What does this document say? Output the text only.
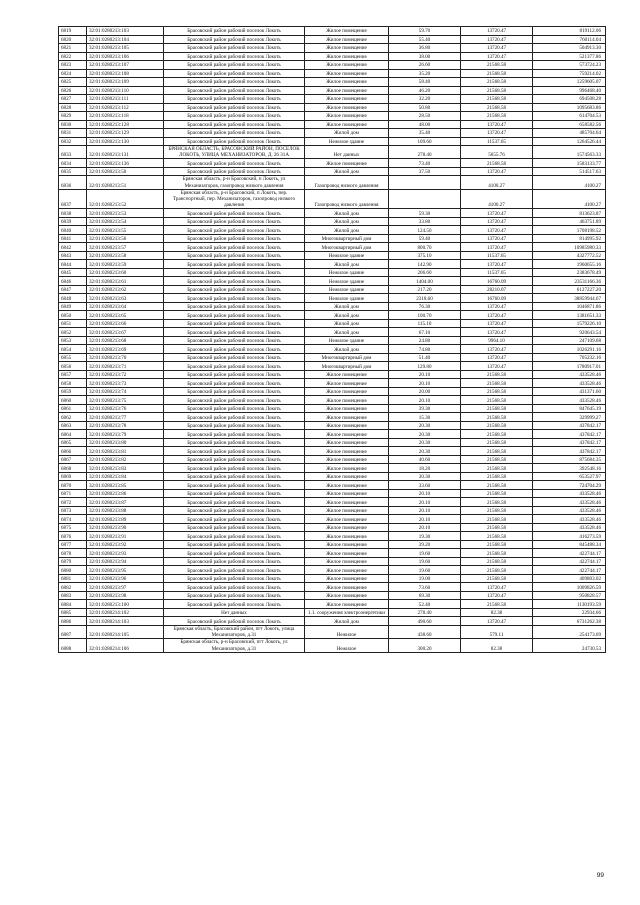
6819	32:01:0280213:103	Брасовский район рабочий поселок Локоть	Жилое помещение	59.70	13720.47	819112.06
6820	32:01:0280213:104	Брасовский район рабочий поселок Локоть	Жилое помещение	55.40	13720.47	760114.04
6821	32:01:0280213:105	Брасовский район рабочий поселок Локоть	Жилое помещение	36.80	13720.47	504913.30
6822	32:01:0280213:106	Брасовский район рабочий поселок Локоть	Жилое помещение	38.00	13720.47	521377.86
6823	32:01:0280213:107	Брасовский район рабочий поселок Локоть	Жилое помещение	26.60	21568.58	573724.23
6824	32:01:0280213:108	Брасовский район рабочий поселок Локоть	Жилое помещение	35.20	21568.58	759214.02
6825	32:01:0280213:109	Брасовский район рабочий поселок Локоть	Жилое помещение	58.40	21568.58	1259605.07
6826	32:01:0280213:110	Брасовский район рабочий поселок Локоть	Жилое помещение	46.20	21568.58	996468.40
6827	32:01:0280213:111	Брасовский район рабочий поселок Локоть	Жилое помещение	32.20	21568.58	694508.28
6828	32:01:0280213:112	Брасовский район рабочий поселок Локоть	Жилое помещение	50.80	21568.58	1095683.86
6829	32:01:0280213:118	Брасовский район рабочий поселок Локоть	Жилое помещение	28.50	21568.58	614704.53
6830	32:01:0280213:128	Брасовский район рабочий поселок Локоть	Жилое помещение	48.00	13720.47	658582.56
6831	32:01:0280213:129	Брасовский район рабочий поселок Локоть	Жилой дом	35.40	13720.47	485704.64
6832	32:01:0280213:130	Брасовский район рабочий поселок Локоть	Нежилое здание	109.60	11537.65	1264526.44
6833	32:01:0280213:131	БРЯНСКАЯ ОБЛАСТЬ, БРАСОВСКИЙ РАЙОН, ПОСЕЛОК ЛОКОТЬ, УЛИЦА МЕХАНИЗАТОРОВ, Д. 26 31А	Нет данных	278.40	5655.76	1574563.33
6834	32:01:0280213:136	Брасовский район рабочий поселок Локоть	Жилое помещение	73.40	21568.58	1583133.77
6835	32:01:0280213:50	Брасовский район рабочий поселок Локоть	Жилой дом	37.50	13720.47	514517.63
6836	32:01:0280213:51	Брянская область, р-н Брасовский, п Локоть, ул Механизаторов, газопровод низкого давления	Газопровод низкого давления		4100.27	4100.27
6837	32:01:0280213:52	Брянская область, р-н Брасовский, п Локоть, пер. Транспортный, пер. Механизаторов, газопровод низкого давления	Газопровод низкого давления		4100.27	4100.27
6838	32:01:0280213:53	Брасовский район рабочий поселок Локоть	Жилой дом	59.30	13720.47	813623.87
6839	32:01:0280213:54	Брасовский район рабочий поселок Локоть	Жилой дом	33.80	13720.47	463751.89
6840	32:01:0280213:55	Брасовский район рабочий поселок Локоть	Жилой дом	124.50	13720.47	1708198.52
6841	32:01:0280213:56	Брасовский район рабочий поселок Локоть	Многоквартирный дом	59.40	13720.47	814995.92
6842	32:01:0280213:57	Брасовский район рабочий поселок Локоть	Многоквартирный дом	800.70	13720.47	10985980.33
6843	32:01:0280213:58	Брасовский район рабочий поселок Локоть	Нежилое здание	375.10	11537.65	4327772.52
6844	32:01:0280213:59	Брасовский район рабочий поселок Локоть	Жилой дом	142.90	13720.47	1960655.16
6845	32:01:0280213:60	Брасовский район рабочий поселок Локоть	Нежилое здание	206.60	11537.65	2383678.49
6846	32:01:0280213:61	Брасовский район рабочий поселок Локоть	Нежилое здание	1404.00	16760.09	23531166.36
6847	32:01:0280213:62	Брасовский район рабочий поселок Локоть	Нежилое здание	217.20	28210.07	6127227.20
6848	32:01:0280213:63	Брасовский район рабочий поселок Локоть	Нежилое здание	2318.60	16760.09	38859944.67
6849	32:01:0280213:64	Брасовский район рабочий поселок Локоть	Жилой дом	76.30	13720.47	1046871.86
6850	32:01:0280213:65	Брасовский район рабочий поселок Локоть	Жилой дом	100.70	13720.47	1381651.33
6851	32:01:0280213:66	Брасовский район рабочий поселок Локоть	Жилой дом	115.10	13720.47	1579226.10
6852	32:01:0280213:67	Брасовский район рабочий поселок Локоть	Жилой дом	67.10	13720.47	920643.54
6853	32:01:0280213:68	Брасовский район рабочий поселок Локоть	Нежилое здание	24.80	9964.10	247109.68
6854	32:01:0280213:69	Брасовский район рабочий поселок Локоть	Жилой дом	74.80	13720.47	1026291.16
6855	32:01:0280213:70	Брасовский район рабочий поселок Локоть	Многоквартирный дом	51.40	13720.47	705232.16
6856	32:01:0280213:71	Брасовский район рабочий поселок Локоть	Многоквартирный дом	129.80	13720.47	1780917.01
6857	32:01:0280213:72	Брасовский район рабочий поселок Локоть	Жилое помещение	20.10	21568.58	433528.46
6858	32:01:0280213:73	Брасовский район рабочий поселок Локоть	Жилое помещение	20.10	21568.58	433528.46
6859	32:01:0280213:74	Брасовский район рабочий поселок Локоть	Жилое помещение	20.00	21568.58	431371.60
6860	32:01:0280213:75	Брасовский район рабочий поселок Локоть	Жилое помещение	20.10	21568.58	433528.46
6861	32:01:0280213:76	Брасовский район рабочий поселок Локоть	Жилое помещение	39.30	21568.58	847645.19
6862	32:01:0280213:77	Брасовский район рабочий поселок Локоть	Жилое помещение	15.30	21568.58	329999.27
6863	32:01:0280213:78	Брасовский район рабочий поселок Локоть	Жилое помещение	20.30	21568.58	437842.17
6864	32:01:0280213:79	Брасовский район рабочий поселок Локоть	Жилое помещение	20.30	21568.58	437842.17
6865	32:01:0280213:80	Брасовский район рабочий поселок Локоть	Жилое помещение	20.30	21568.58	437842.17
6866	32:01:0280213:81	Брасовский район рабочий поселок Локоть	Жилое помещение	20.30	21568.58	437842.17
6867	32:01:0280213:82	Брасовский район рабочий поселок Локоть	Жилое помещение	40.60	21568.58	875684.35
6868	32:01:0280213:83	Брасовский район рабочий поселок Локоть	Жилое помещение	18.20	21568.58	392548.16
6869	32:01:0280213:84	Брасовский район рабочий поселок Локоть	Жилое помещение	30.30	21568.58	653527.97
6870	32:01:0280213:85	Брасовский район рабочий поселок Локоть	Жилое помещение	33.60	21568.58	724704.29
6871	32:01:0280213:86	Брасовский район рабочий поселок Локоть	Жилое помещение	20.10	21568.58	433528.46
6872	32:01:0280213:87	Брасовский район рабочий поселок Локоть	Жилое помещение	20.10	21568.58	433528.46
6873	32:01:0280213:88	Брасовский район рабочий поселок Локоть	Жилое помещение	20.10	21568.58	433528.46
6874	32:01:0280213:89	Брасовский район рабочий поселок Локоть	Жилое помещение	20.10	21568.58	433528.46
6875	32:01:0280213:90	Брасовский район рабочий поселок Локоть	Жилое помещение	20.10	21568.58	433528.46
6876	32:01:0280213:91	Брасовский район рабочий поселок Локоть	Жилое помещение	19.30	21568.58	416273.59
6877	32:01:0280213:92	Брасовский район рабочий поселок Локоть	Жилое помещение	39.20	21568.58	845488.34
6878	32:01:0280213:93	Брасовский район рабочий поселок Локоть	Жилое помещение	19.60	21568.58	422744.17
6879	32:01:0280213:94	Брасовский район рабочий поселок Локоть	Жилое помещение	19.60	21568.58	422744.17
6880	32:01:0280213:95	Брасовский район рабочий поселок Локоть	Жилое помещение	19.60	21568.58	422744.17
6881	32:01:0280213:96	Брасовский район рабочий поселок Локоть	Жилое помещение	19.00	21568.58	409803.02
6882	32:01:0280213:97	Брасовский район рабочий поселок Локоть	Жилое помещение	73.60	13720.47	1009826.59
6883	32:01:0280213:98	Брасовский район рабочий поселок Локоть	Жилое помещение	69.30	13720.47	950828.57
6884	32:01:0280213:100	Брасовский район рабочий поселок Локоть	Жилое помещение	52.40	21568.58	1130193.59
6885	32:01:0280214:102	Нет данных	1.1. сооружения электроэнергетики	278.40	82.38	22934.66
6886	32:01:0280214:103	Брасовский район рабочий поселок Локоть	Жилой дом	490.60	13720.47	6731262.38
6887	32:01:0280214:105	Брянская область, Брасовский район, пгт Локоть, улица Механизаторов, д.31	Нежилое	438.60	579.11	254173.69
6888	32:01:0280214:106	Брянская область, р-н Брасовский, пгт Локоть, ул Механизаторов, д.31	Нежилое	300.20	82.38	24730.53
99
